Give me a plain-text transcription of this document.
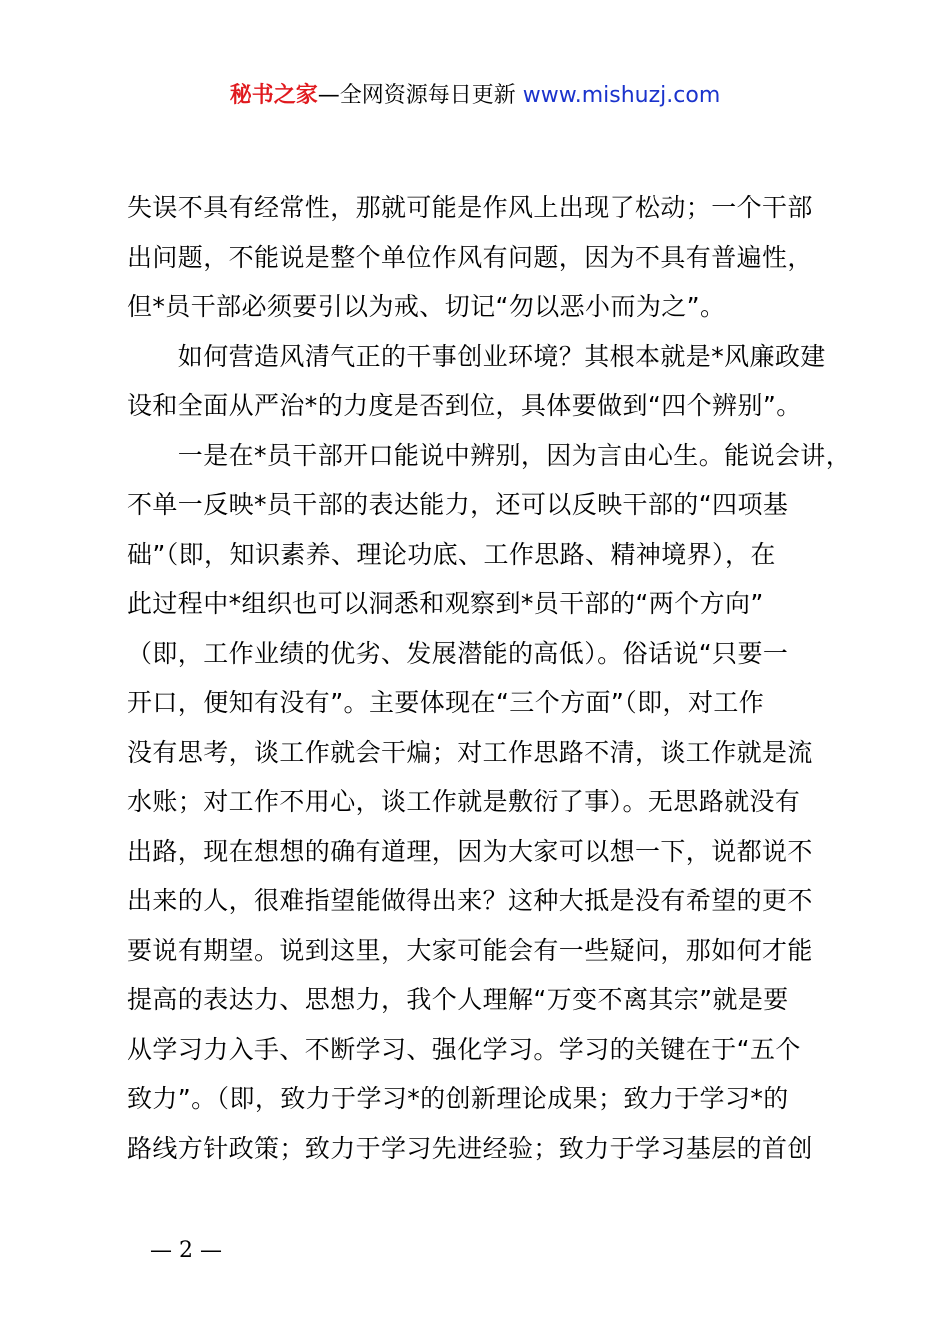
秘书之家—全网资源每日更新 www.mishuzj.com
失误不具有经常性，那就可能是作风上出现了松动；一个干部
出问题，不能说是整个单位作风有问题，因为不具有普遍性，
但*员干部必须要引以为戒、切记“勿以恶小而为之”。
　　如何营造风清气正的干事创业环境？其根本就是*风廉政建
设和全面从严治*的力度是否到位，具体要做到“四个辨别”。
　　一是在*员干部开口能说中辨别，因为言由心生。能说会讲，
不单一反映*员干部的表达能力，还可以反映干部的“四项基
础”（即，知识素养、理论功底、工作思路、精神境界），在
此过程中*组织也可以洞悉和观察到*员干部的“两个方向”
（即，工作业绩的优劣、发展潜能的高低）。俗话说“只要一
开口，便知有没有”。主要体现在“三个方面”（即，对工作
没有思考，谈工作就会干煸；对工作思路不清，谈工作就是流
水账；对工作不用心，谈工作就是敷衍了事）。无思路就没有
出路，现在想想的确有道理，因为大家可以想一下，说都说不
出来的人，很难指望能做得出来？这种大抵是没有希望的更不
要说有期望。说到这里，大家可能会有一些疑问，那如何才能
提高的表达力、思想力，我个人理解“万变不离其宗”就是要
从学习力入手、不断学习、强化学习。学习的关键在于“五个
致力”。（即，致力于学习*的创新理论成果；致力于学习*的
路线方针政策；致力于学习先进经验；致力于学习基层的首创
— 2 —
